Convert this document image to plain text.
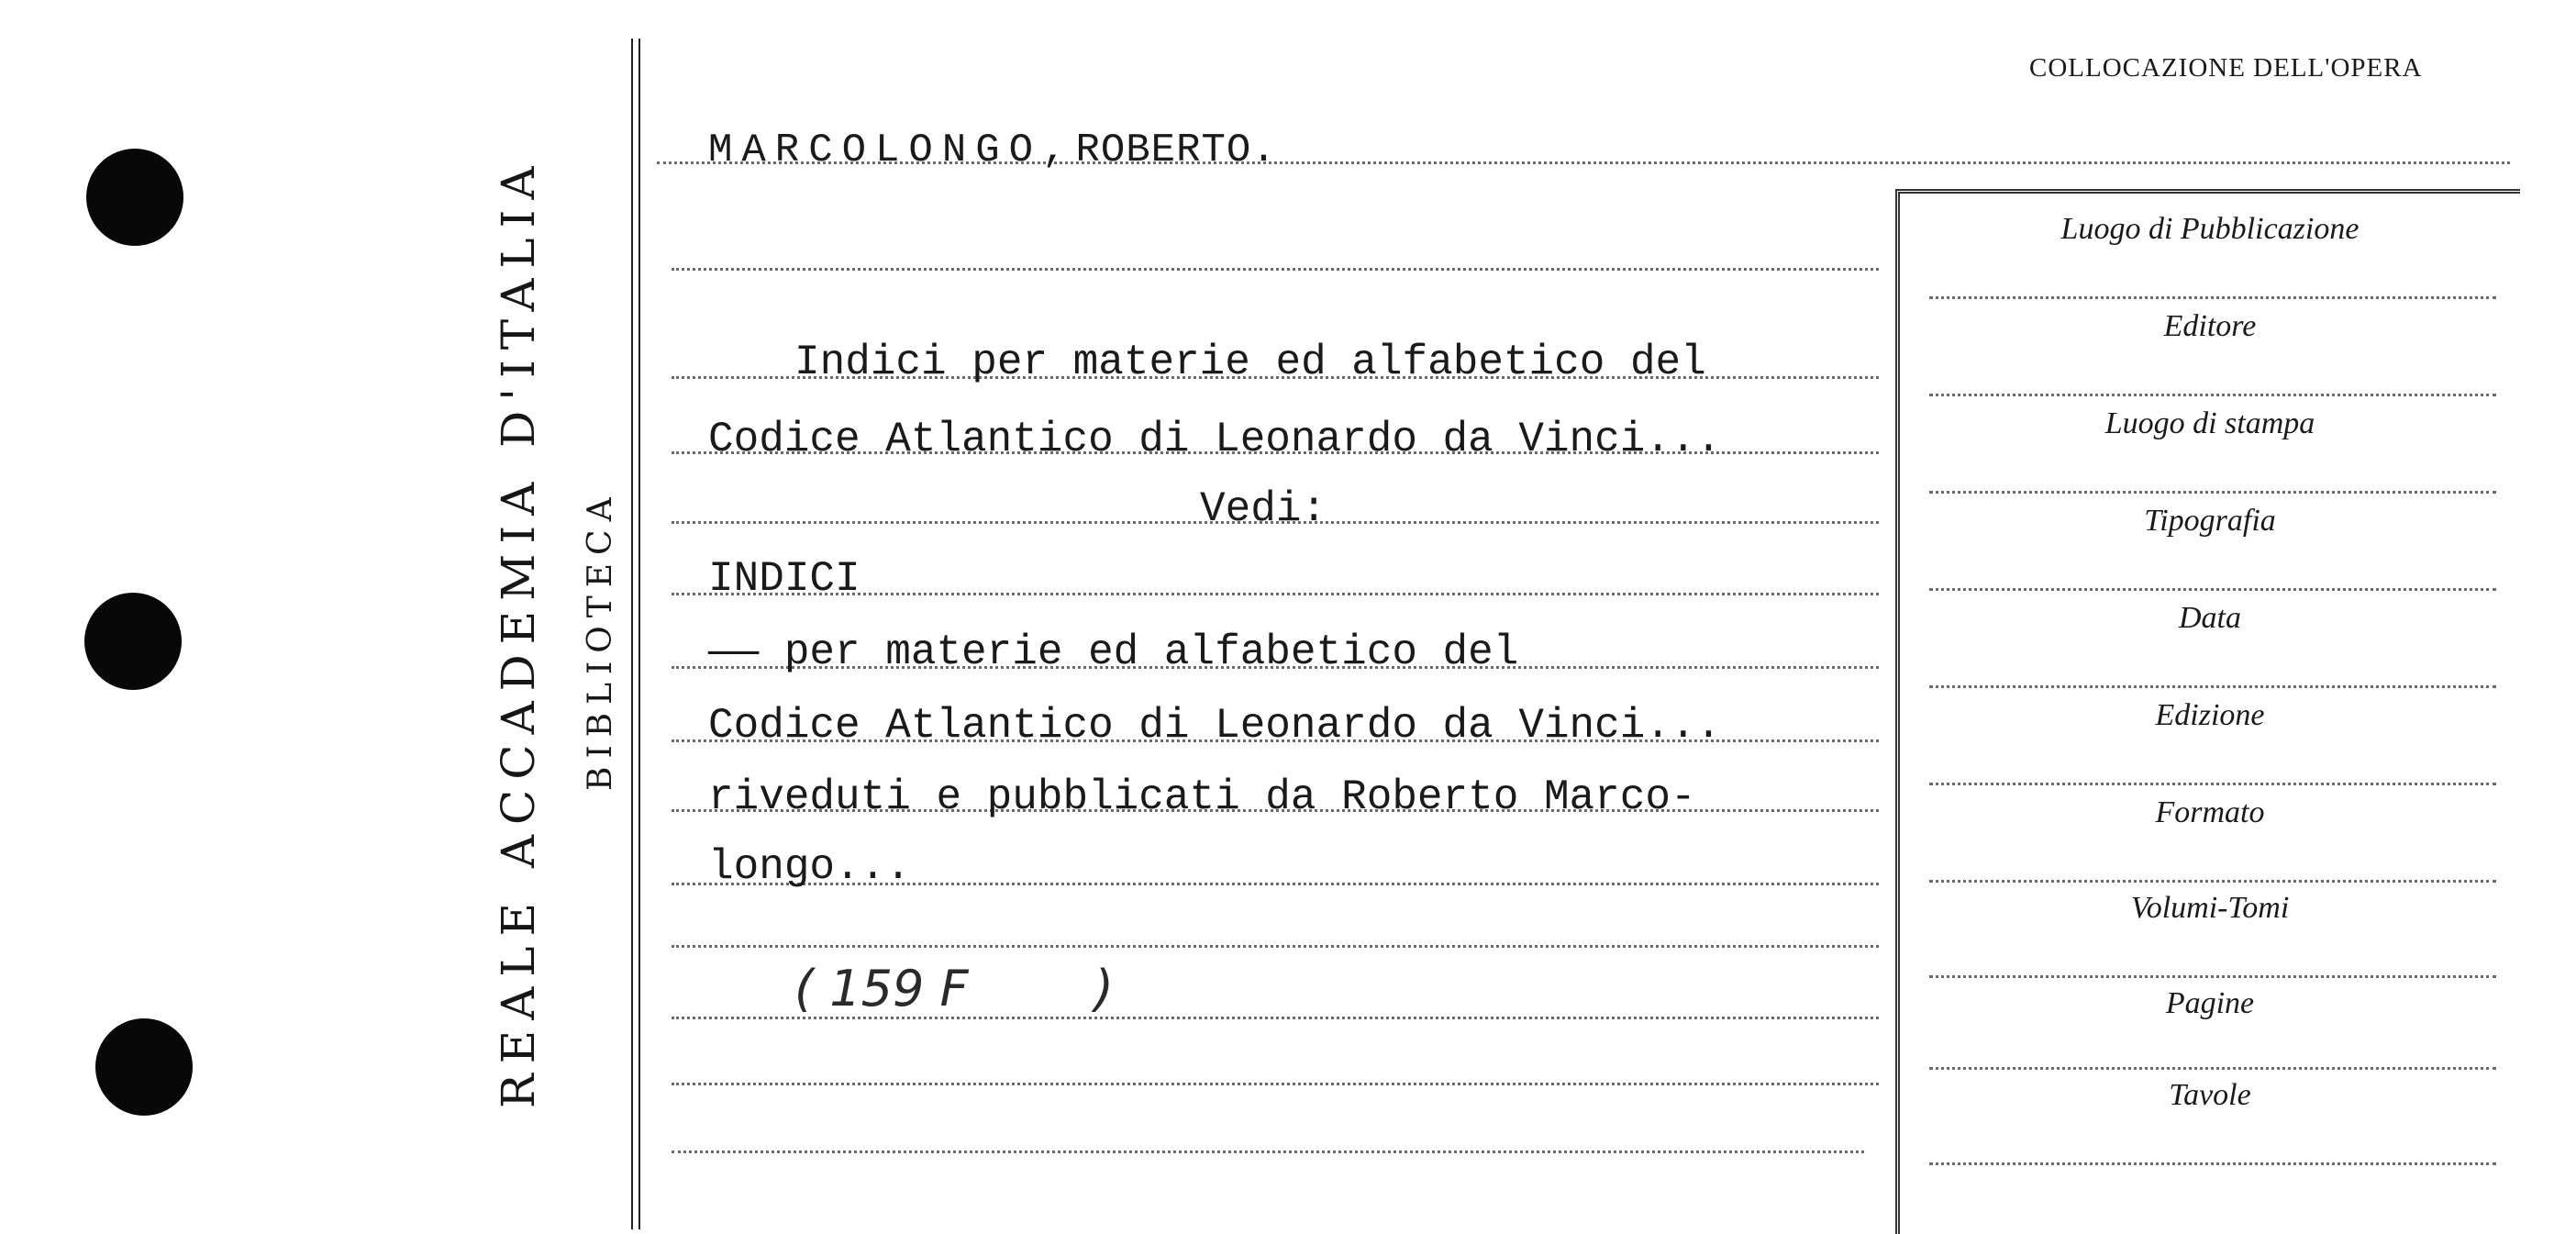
REALE ACCADEMIA D'ITALIA BIBLIOTECA
COLLOCAZIONE DELL'OPERA
MARCOLONGO,ROBERTO.
Indici per materie ed alfabetico del
Codice Atlantico di Leonardo da Vinci...
Vedi:
INDICI
—— per materie ed alfabetico del
Codice Atlantico di Leonardo da Vinci...
riveduti e pubblicati da Roberto Marco-
longo...
( 159 F        )
Luogo di Pubblicazione
Editore
Luogo di stampa
Tipografia
Data
Edizione
Formato
Volumi-Tomi
Pagine
Tavole
